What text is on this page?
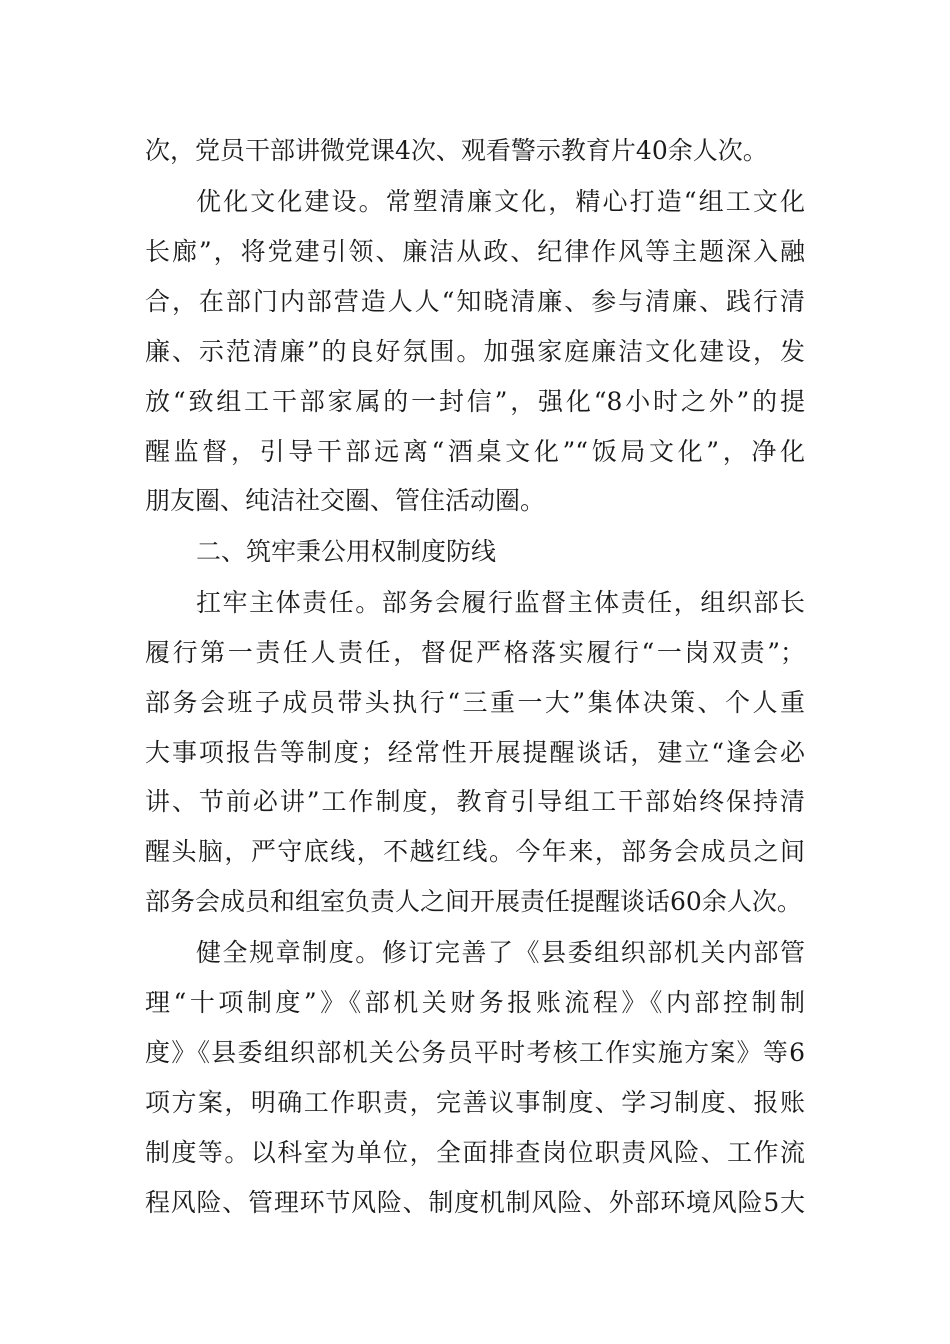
次，党员干部讲微党课4次、观看警示教育片40余人次。
优化文化建设。常塑清廉文化，精心打造“组工文化
长廊”，将党建引领、廉洁从政、纪律作风等主题深入融
合，在部门内部营造人人“知晓清廉、参与清廉、践行清
廉、示范清廉”的良好氛围。加强家庭廉洁文化建设，发
放“致组工干部家属的一封信”，强化“8小时之外”的提
醒监督，引导干部远离“酒桌文化”“饭局文化”，净化
朋友圈、纯洁社交圈、管住活动圈。
二、筑牢秉公用权制度防线
扛牢主体责任。部务会履行监督主体责任，组织部长
履行第一责任人责任，督促严格落实履行“一岗双责”；
部务会班子成员带头执行“三重一大”集体决策、个人重
大事项报告等制度；经常性开展提醒谈话，建立“逢会必
讲、节前必讲”工作制度，教育引导组工干部始终保持清
醒头脑，严守底线，不越红线。今年来，部务会成员之间
部务会成员和组室负责人之间开展责任提醒谈话60余人次。
健全规章制度。修订完善了《县委组织部机关内部管
理“十项制度”》《部机关财务报账流程》《内部控制制
度》《县委组织部机关公务员平时考核工作实施方案》等6
项方案，明确工作职责，完善议事制度、学习制度、报账
制度等。以科室为单位，全面排查岗位职责风险、工作流
程风险、管理环节风险、制度机制风险、外部环境风险5大
